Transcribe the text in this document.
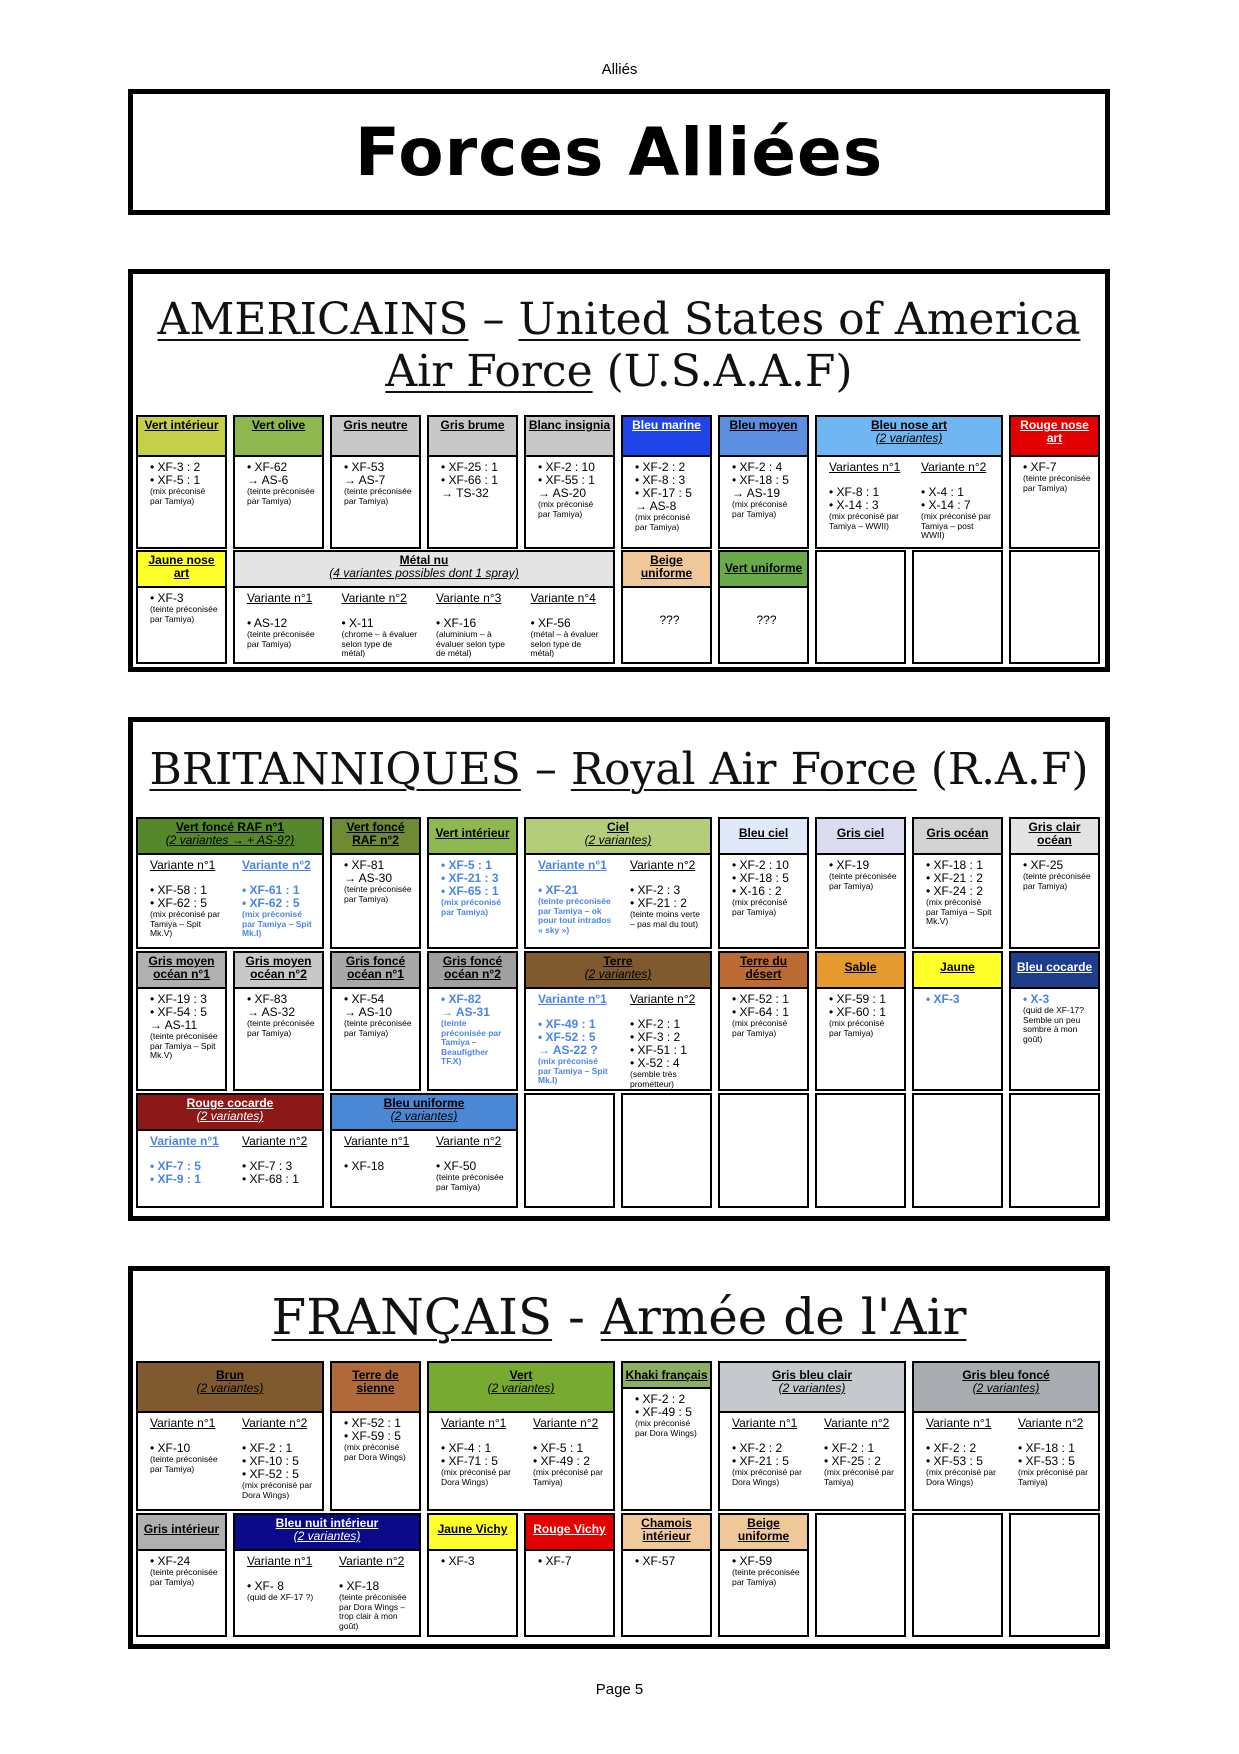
Alliés
Forces Alliées
AMERICAINS – United States of America
Air Force (U.S.A.A.F)
Vert intérieur
• XF-3 : 2
• XF-5 : 1
(mix préconisé par Tamiya)
Vert olive
• XF-62
→ AS-6
(teinte préconisée par Tamiya)
Gris neutre
• XF-53
→ AS-7
(teinte préconisée par Tamiya)
Gris brume
• XF-25 : 1
• XF-66 : 1
→ TS-32
Blanc insignia
• XF-2 : 10
• XF-55 : 1
→ AS-20
(mix préconisé par Tamiya)
Bleu marine
• XF-2 : 2
• XF-8 : 3
• XF-17 : 5
→ AS-8
(mix préconisé par Tamiya)
Bleu moyen
• XF-2 : 4
• XF-18 : 5
→ AS-19
(mix préconisé par Tamiya)
Bleu nose art
(2 variantes)
Variantes n°1
• XF-8 : 1
• X-14 : 3
(mix préconisé par Tamiya – WWII)
Variante n°2
• X-4 : 1
• X-14 : 7
(mix préconisé par Tamiya – post WWII)
Rouge nose art
• XF-7
(teinte préconisée par Tamiya)
Jaune nose art
• XF-3
(teinte préconisée par Tamiya)
Métal nu
(4 variantes possibles dont 1 spray)
Variante n°1
• AS-12
(teinte préconisée par Tamiya)
Variante n°2
• X-11
(chrome – à évaluer selon type de métal)
Variante n°3
• XF-16
(aluminium – à évaluer selon type de métal)
Variante n°4
• XF-56
(métal – à évaluer selon type de métal)
Beige uniforme
???
Vert uniforme
???
BRITANNIQUES – Royal Air Force (R.A.F)
Vert foncé RAF n°1
(2 variantes → + AS-9?)
Variante n°1
• XF-58 : 1
• XF-62 : 5
(mix préconisé par Tamiya – Spit Mk.V)
Variante n°2
• XF-61 : 1
• XF-62 : 5
(mix préconisé par Tamiya – Spit Mk.I)
Vert foncé RAF n°2
• XF-81
→ AS-30
(teinte préconisée par Tamiya)
Vert intérieur
• XF-5 : 1
• XF-21 : 3
• XF-65 : 1
(mix préconisé par Tamiya)
Ciel
(2 variantes)
Variante n°1
• XF-21
(teinte préconisée par Tamiya – ok pour tout intrados « sky »)
Variante n°2
• XF-2 : 3
• XF-21 : 2
(teinte moins verte – pas mal du tout)
Bleu ciel
• XF-2 : 10
• XF-18 : 5
• X-16 : 2
(mix préconisé par Tamiya)
Gris ciel
• XF-19
(teinte préconisée par Tamiya)
Gris océan
• XF-18 : 1
• XF-21 : 2
• XF-24 : 2
(mix préconisé par Tamiya – Spit Mk.V)
Gris clair océan
• XF-25
(teinte préconisée par Tamiya)
Gris moyen océan n°1
• XF-19 : 3
• XF-54 : 5
→ AS-11
(teinte préconisée par Tamiya – Spit Mk.V)
Gris moyen océan n°2
• XF-83
→ AS-32
(teinte préconisée par Tamiya)
Gris foncé océan n°1
• XF-54
→ AS-10
(teinte préconisée par Tamiya)
Gris foncé océan n°2
• XF-82
→ AS-31
(teinte préconisée par Tamiya – Beaufigther TF.X)
Terre
(2 variantes)
Variante n°1
• XF-49 : 1
• XF-52 : 5
→ AS-22 ?
(mix préconisé par Tamiya – Spit Mk.I)
Variante n°2
• XF-2 : 1
• XF-3 : 2
• XF-51 : 1
• X-52 : 4
(semble très prometteur)
Terre du désert
• XF-52 : 1
• XF-64 : 1
(mix préconisé par Tamiya)
Sable
• XF-59 : 1
• XF-60 : 1
(mix préconisé par Tamiya)
Jaune
• XF-3
Bleu cocarde
• X-3
(quid de XF-17? Semble un peu sombre à mon goût)
Rouge cocarde
(2 variantes)
Variante n°1
• XF-7 : 5
• XF-9 : 1
Variante n°2
• XF-7 : 3
• XF-68 : 1
Bleu uniforme
(2 variantes)
Variante n°1
• XF-18
Variante n°2
• XF-50
(teinte préconisée par Tamiya)
FRANÇAIS - Armée de l'Air
Brun
(2 variantes)
Variante n°1
• XF-10
(teinte préconisée par Tamiya)
Variante n°2
• XF-2 : 1
• XF-10 : 5
• XF-52 : 5
(mix préconisé par Dora Wings)
Terre de sienne
• XF-52 : 1
• XF-59 : 5
(mix préconisé par Dora Wings)
Vert
(2 variantes)
Variante n°1
• XF-4 : 1
• XF-71 : 5
(mix préconisé par Dora Wings)
Variante n°2
• XF-5 : 1
• XF-49 : 2
(mix préconisé par Tamiya)
Khaki français
• XF-2 : 2
• XF-49 : 5
(mix préconisé par Dora Wings)
Gris bleu clair
(2 variantes)
Variante n°1
• XF-2 : 2
• XF-21 : 5
(mix préconisé par Dora Wings)
Variante n°2
• XF-2 : 1
• XF-25 : 2
(mix préconisé par Tamiya)
Gris bleu foncé
(2 variantes)
Variante n°1
• XF-2 : 2
• XF-53 : 5
(mix préconisé par Dora Wings)
Variante n°2
• XF-18 : 1
• XF-53 : 5
(mix préconisé par Tamiya)
Gris intérieur
• XF-24
(teinte préconisée par Tamiya)
Bleu nuit intérieur
(2 variantes)
Variante n°1
• XF- 8
(quid de XF-17 ?)
Variante n°2
• XF-18
(teinte préconisée par Dora Wings – trop clair à mon goût)
Jaune Vichy
• XF-3
Rouge Vichy
• XF-7
Chamois intérieur
• XF-57
Beige uniforme
• XF-59
(teinte préconisée par Tamiya)
Page 5
